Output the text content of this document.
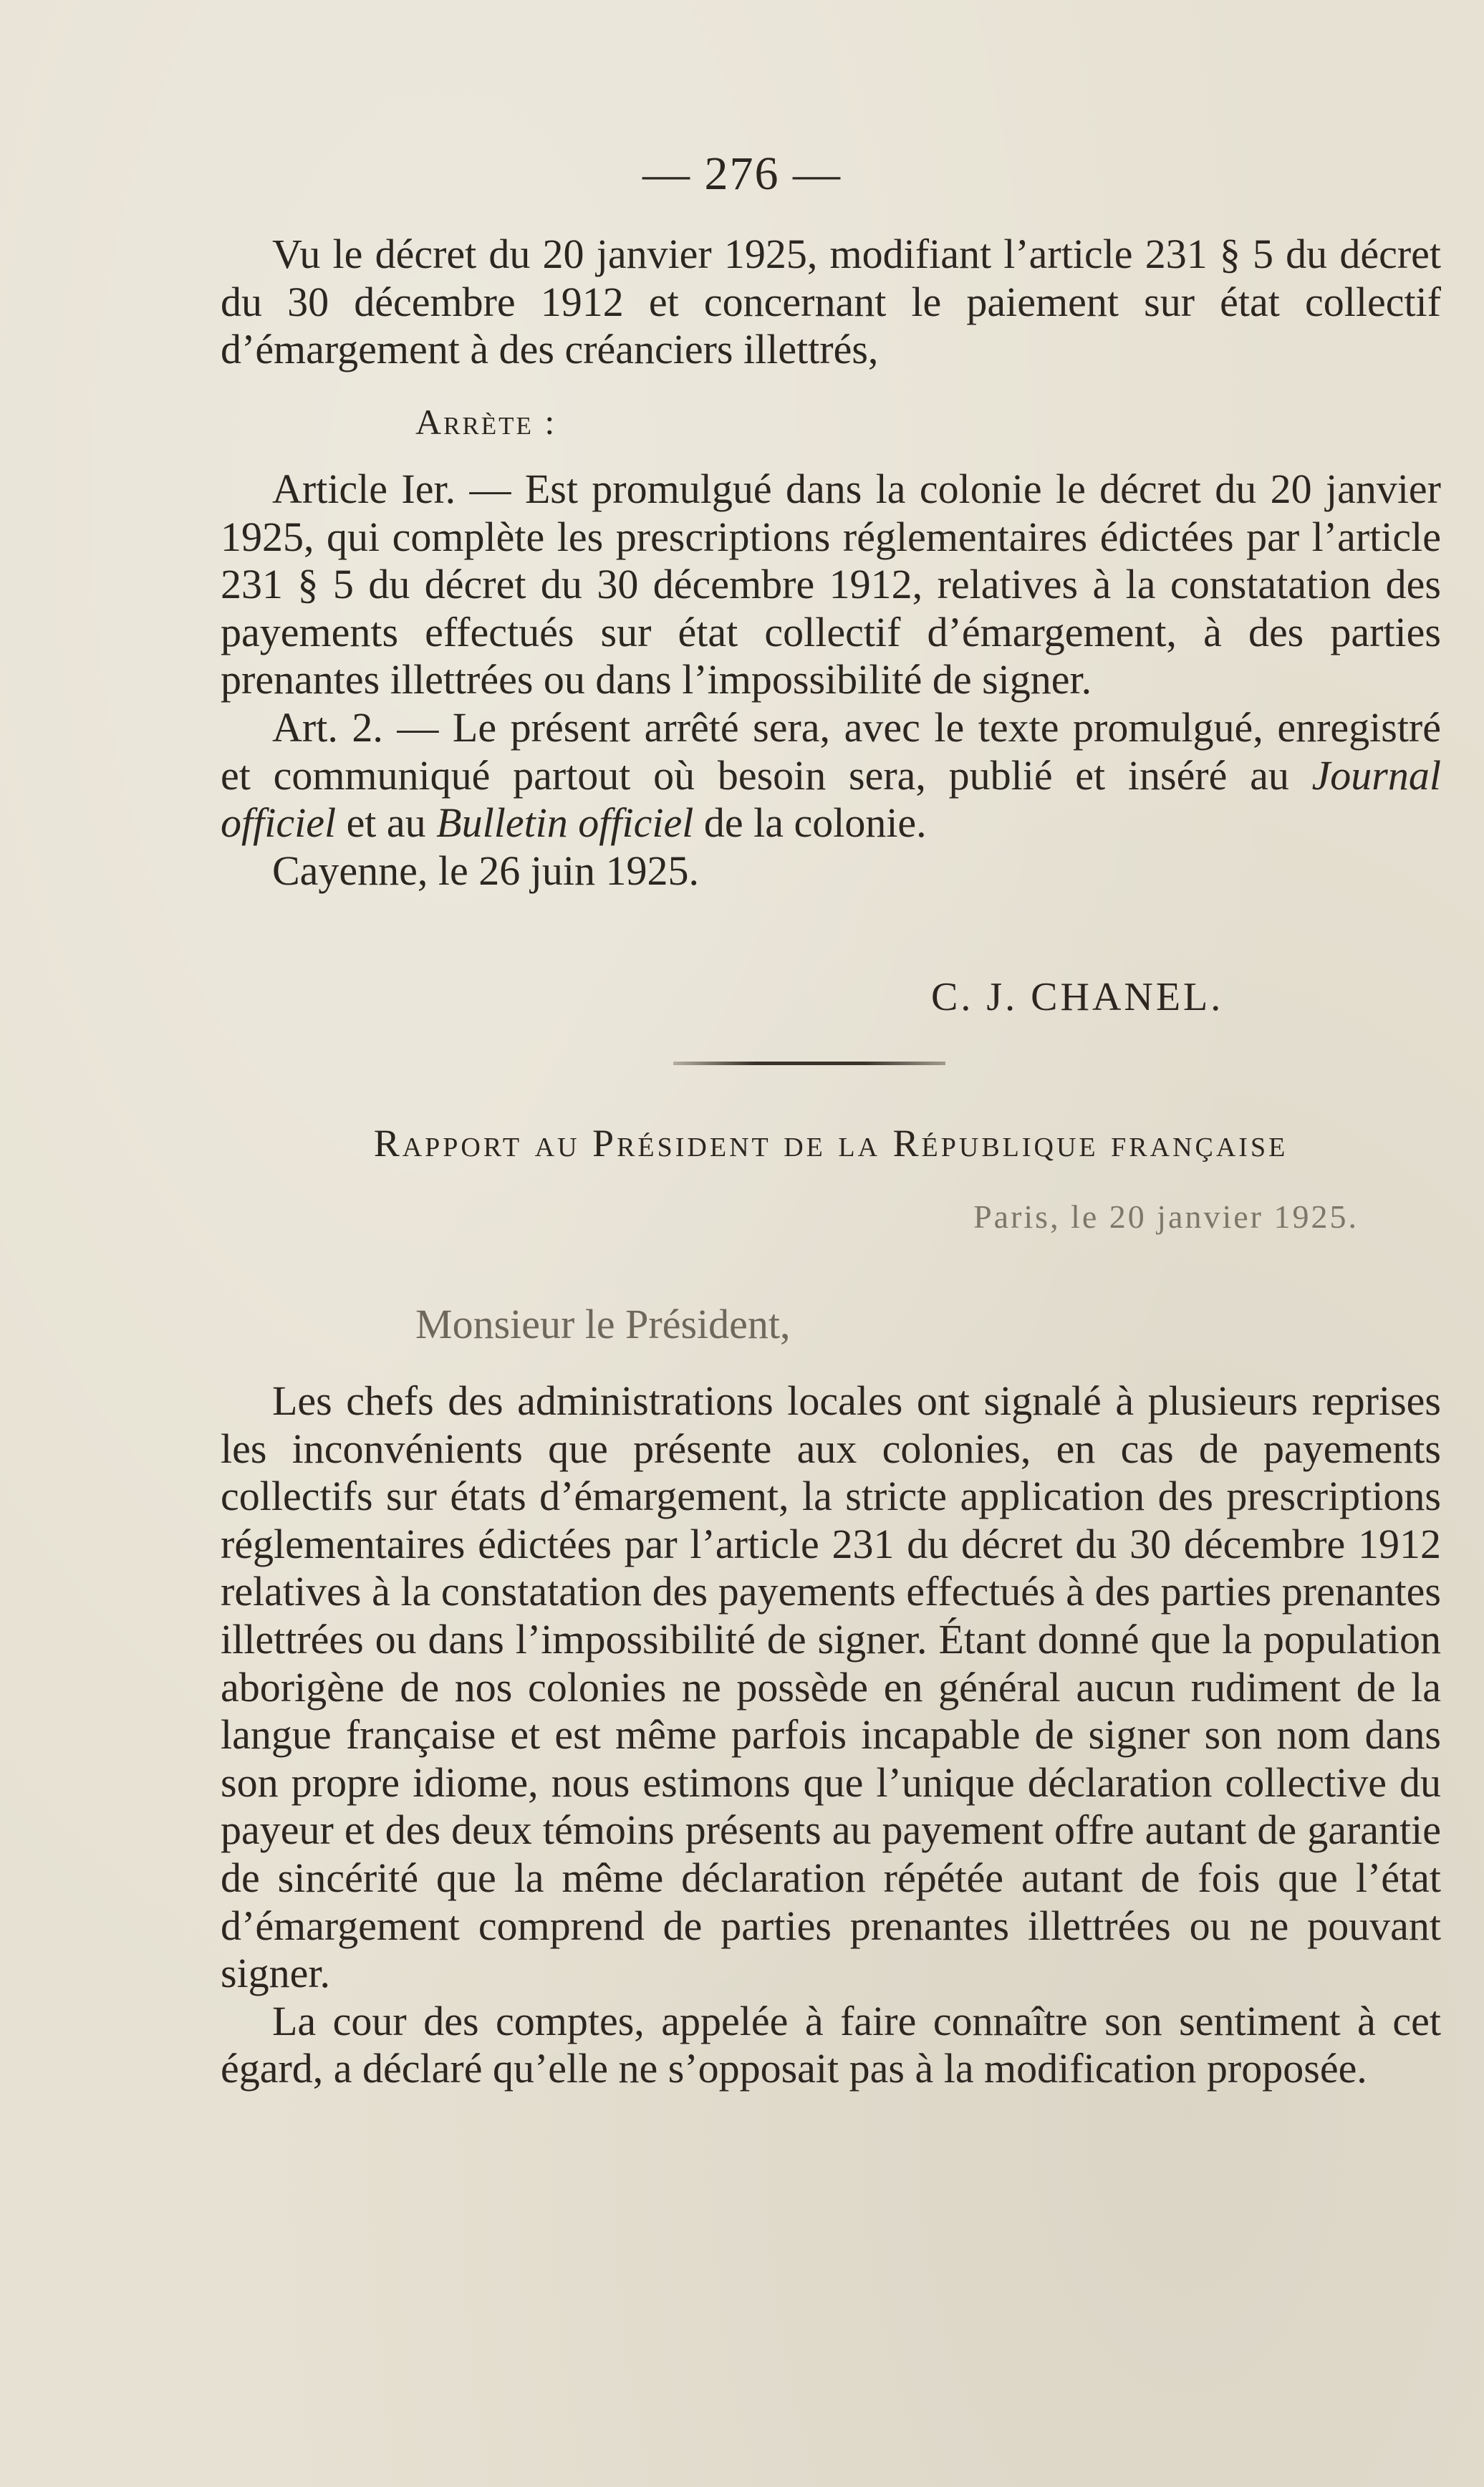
— 276 —

Vu le décret du 20 janvier 1925, modifiant l’article 231 § 5 du décret du 30 décembre 1912 et concernant le paiement sur état collectif d’émargement à des créanciers illettrés,

Arrète :

Article Ier. — Est promulgué dans la colonie le décret du 20 janvier 1925, qui complète les prescriptions réglementaires édictées par l’article 231 § 5 du décret du 30 décembre 1912, relatives à la constatation des payements effectués sur état collectif d’émargement, à des parties prenantes illettrées ou dans l’impossibilité de signer.

Art. 2. — Le présent arrêté sera, avec le texte promulgué, enregistré et communiqué partout où besoin sera, publié et inséré au Journal officiel et au Bulletin officiel de la colonie.

Cayenne, le 26 juin 1925.

C. J. CHANEL.
Rapport au Président de la République française
Paris, le 20 janvier 1925.
Monsieur le Président,

Les chefs des administrations locales ont signalé à plusieurs reprises les inconvénients que présente aux colonies, en cas de payements collectifs sur états d’émargement, la stricte application des prescriptions réglementaires édictées par l’article 231 du décret du 30 décembre 1912 relatives à la constatation des payements effectués à des parties prenantes illettrées ou dans l’impossibilité de signer. Étant donné que la population aborigène de nos colonies ne possède en général aucun rudiment de la langue française et est même parfois incapable de signer son nom dans son propre idiome, nous estimons que l’unique déclaration collective du payeur et des deux témoins présents au payement offre autant de garantie de sincérité que la même déclaration répétée autant de fois que l’état d’émargement comprend de parties prenantes illettrées ou ne pouvant signer.

La cour des comptes, appelée à faire connaître son sentiment à cet égard, a déclaré qu’elle ne s’opposait pas à la modification proposée.
